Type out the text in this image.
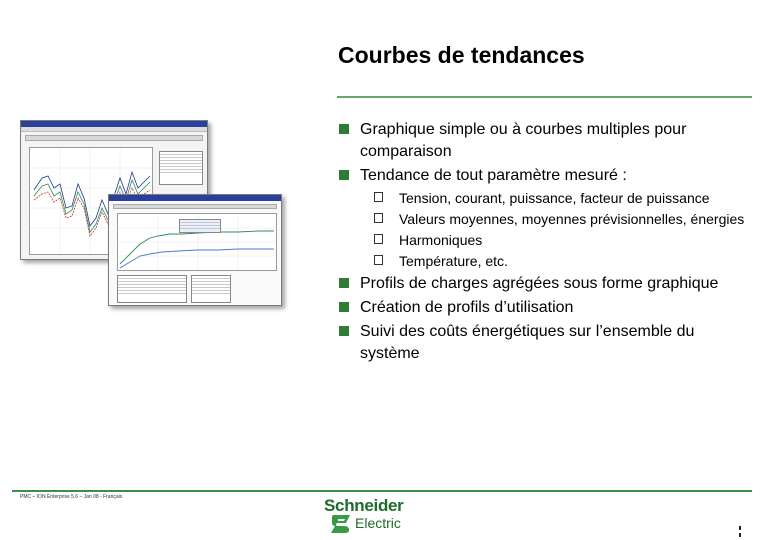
Courbes de tendances
Graphique simple ou à courbes multiples pour comparaison
Tendance de tout paramètre mesuré :
Tension, courant, puissance, facteur de puissance
Valeurs moyennes, moyennes prévisionnelles, énergies
Harmoniques
Température, etc.
Profils de charges agrégées sous forme graphique
Création de profils d’utilisation
Suivi des coûts énergétiques sur l’ensemble du système
PMC – ION Enterprise 5.6 – Jan 08 - Français	Schneider
Electric
